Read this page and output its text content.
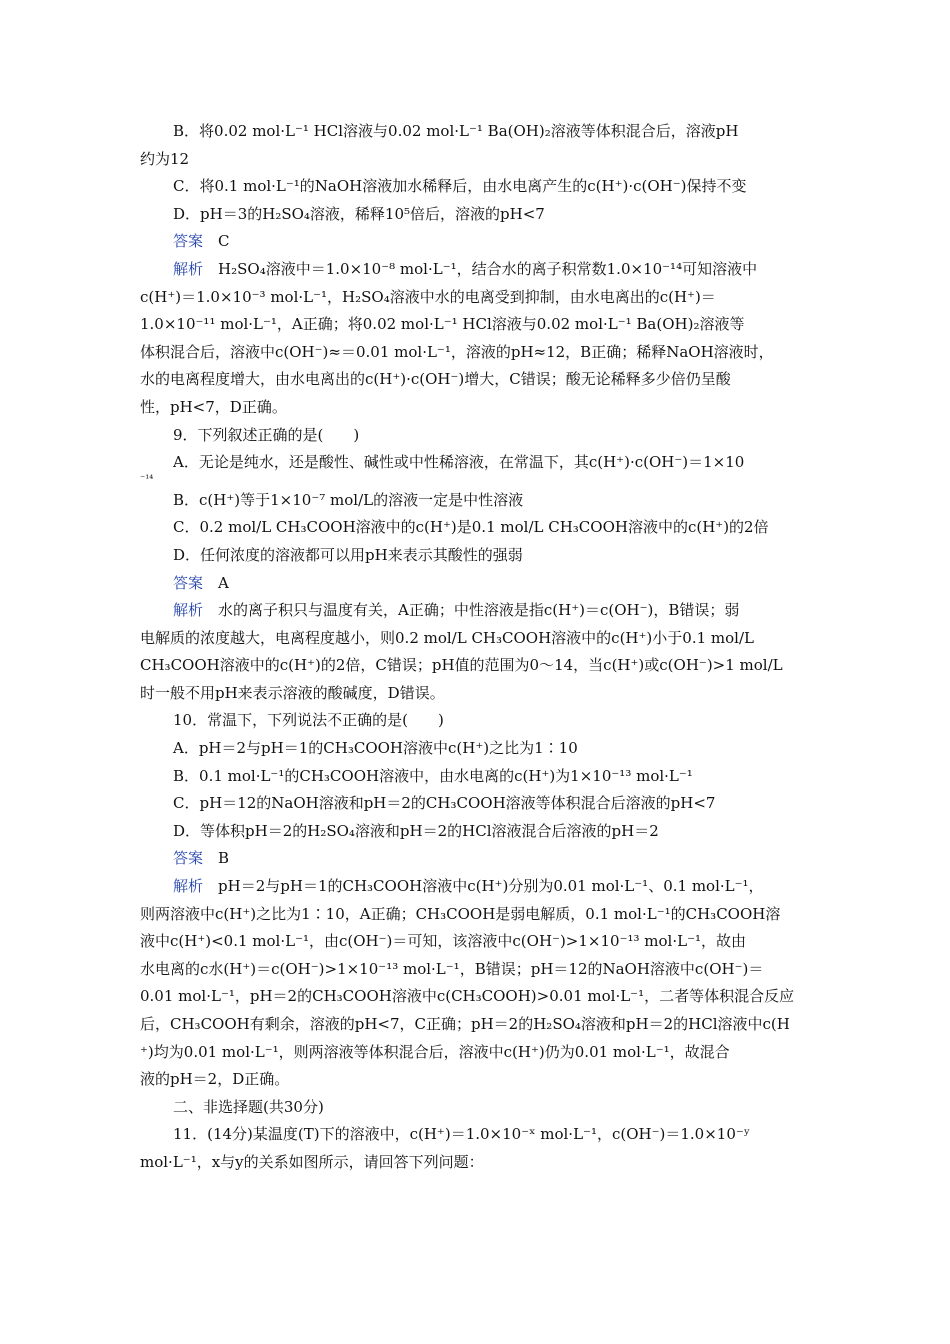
B．将0.02 mol·L⁻¹ HCl溶液与0.02 mol·L⁻¹ Ba(OH)₂溶液等体积混合后，溶液pH
约为12
C．将0.1 mol·L⁻¹的NaOH溶液加水稀释后，由水电离产生的c(H⁺)·c(OH⁻)保持不变
D．pH＝3的H₂SO₄溶液，稀释10⁵倍后，溶液的pH<7
答案　 C
解析　 H₂SO₄溶液中＝1.0×10⁻⁸ mol·L⁻¹，结合水的离子积常数1.0×10⁻¹⁴可知溶液中
c(H⁺)＝1.0×10⁻³ mol·L⁻¹，H₂SO₄溶液中水的电离受到抑制，由水电离出的c(H⁺)＝
1.0×10⁻¹¹ mol·L⁻¹，A正确；将0.02 mol·L⁻¹ HCl溶液与0.02 mol·L⁻¹ Ba(OH)₂溶液等
体积混合后，溶液中c(OH⁻)≈＝0.01 mol·L⁻¹，溶液的pH≈12，B正确；稀释NaOH溶液时，
水的电离程度增大，由水电离出的c(H⁺)·c(OH⁻)增大，C错误；酸无论稀释多少倍仍呈酸
性，pH<7，D正确。
9．下列叙述正确的是(　　)
A．无论是纯水，还是酸性、碱性或中性稀溶液，在常温下，其c(H⁺)·c(OH⁻)＝1×10
⁻¹⁴
B．c(H⁺)等于1×10⁻⁷ mol/L的溶液一定是中性溶液
C．0.2 mol/L CH₃COOH溶液中的c(H⁺)是0.1 mol/L CH₃COOH溶液中的c(H⁺)的2倍
D．任何浓度的溶液都可以用pH来表示其酸性的强弱
答案　 A
解析　 水的离子积只与温度有关，A正确；中性溶液是指c(H⁺)＝c(OH⁻)，B错误；弱
电解质的浓度越大，电离程度越小，则0.2 mol/L CH₃COOH溶液中的c(H⁺)小于0.1 mol/L
CH₃COOH溶液中的c(H⁺)的2倍，C错误；pH值的范围为0～14，当c(H⁺)或c(OH⁻)>1 mol/L
时一般不用pH来表示溶液的酸碱度，D错误。
10．常温下，下列说法不正确的是(　　)
A．pH＝2与pH＝1的CH₃COOH溶液中c(H⁺)之比为1∶10
B．0.1 mol·L⁻¹的CH₃COOH溶液中，由水电离的c(H⁺)为1×10⁻¹³ mol·L⁻¹
C．pH＝12的NaOH溶液和pH＝2的CH₃COOH溶液等体积混合后溶液的pH<7
D．等体积pH＝2的H₂SO₄溶液和pH＝2的HCl溶液混合后溶液的pH＝2
答案　 B
解析　 pH＝2与pH＝1的CH₃COOH溶液中c(H⁺)分别为0.01 mol·L⁻¹、0.1 mol·L⁻¹，
则两溶液中c(H⁺)之比为1∶10，A正确；CH₃COOH是弱电解质，0.1 mol·L⁻¹的CH₃COOH溶
液中c(H⁺)<0.1 mol·L⁻¹，由c(OH⁻)＝可知，该溶液中c(OH⁻)>1×10⁻¹³ mol·L⁻¹，故由
水电离的c水(H⁺)＝c(OH⁻)>1×10⁻¹³ mol·L⁻¹，B错误；pH＝12的NaOH溶液中c(OH⁻)＝
0.01 mol·L⁻¹，pH＝2的CH₃COOH溶液中c(CH₃COOH)>0.01 mol·L⁻¹，二者等体积混合反应
后，CH₃COOH有剩余，溶液的pH<7，C正确；pH＝2的H₂SO₄溶液和pH＝2的HCl溶液中c(H
⁺)均为0.01 mol·L⁻¹，则两溶液等体积混合后，溶液中c(H⁺)仍为0.01 mol·L⁻¹，故混合
液的pH＝2，D正确。
二、非选择题(共30分)
11．(14分)某温度(T)下的溶液中，c(H⁺)＝1.0×10⁻ˣ mol·L⁻¹，c(OH⁻)＝1.0×10⁻ʸ
mol·L⁻¹，x与y的关系如图所示，请回答下列问题：
